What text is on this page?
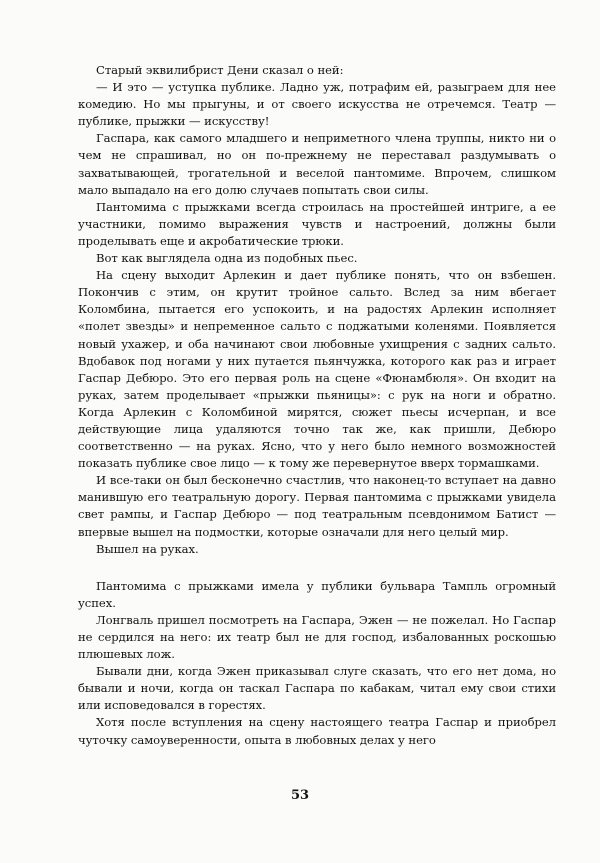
Старый эквилибрист Дени сказал о ней:

— И это — уступка публике. Ладно уж, потрафим ей, разыграем для нее комедию. Но мы прыгуны, и от своего искусства не отречемся. Театр — публике, прыжки — искусству!

Гаспара, как самого младшего и неприметного члена труппы, никто ни о чем не спрашивал, но он по-прежнему не переставал раздумывать о захватывающей, трогательной и веселой пантомиме. Впрочем, слишком мало выпадало на его долю случаев попытать свои силы.

Пантомима с прыжками всегда строилась на простейшей интриге, а ее участники, помимо выражения чувств и настроений, должны были проделывать еще и акробатические трюки.

Вот как выглядела одна из подобных пьес.

На сцену выходит Арлекин и дает публике понять, что он взбешен. Покончив с этим, он крутит тройное сальто. Вслед за ним вбегает Коломбина, пытается его успокоить, и на радостях Арлекин исполняет «полет звезды» и непременное сальто с поджатыми коленями. Появляется новый ухажер, и оба начинают свои любовные ухищрения с задних сальто. Вдобавок под ногами у них путается пьянчужка, которого как раз и играет Гаспар Дебюро. Это его первая роль на сцене «Фюнамбюля». Он входит на руках, затем проделывает «прыжки пьяницы»: с рук на ноги и обратно. Когда Арлекин с Коломбиной мирятся, сюжет пьесы исчерпан, и все действующие лица удаляются точно так же, как пришли, Дебюро соответственно — на руках. Ясно, что у него было немного возможностей показать публике свое лицо — к тому же перевернутое вверх тормашками.

И все-таки он был бесконечно счастлив, что наконец-то вступает на давно манившую его театральную дорогу. Первая пантомима с прыжками увидела свет рампы, и Гаспар Дебюро — под театральным псевдонимом Батист — впервые вышел на подмостки, которые означали для него целый мир.

Вышел на руках.

Пантомима с прыжками имела у публики бульвара Тампль огромный успех.

Лонгваль пришел посмотреть на Гаспара, Эжен — не пожелал. Но Гаспар не сердился на него: их театр был не для господ, избалованных роскошью плюшевых лож.

Бывали дни, когда Эжен приказывал слуге сказать, что его нет дома, но бывали и ночи, когда он таскал Гаспара по кабакам, читал ему свои стихи или исповедовался в горестях.

Хотя после вступления на сцену настоящего театра Гаспар и приобрел чуточку самоуверенности, опыта в любовных делах у него

53
